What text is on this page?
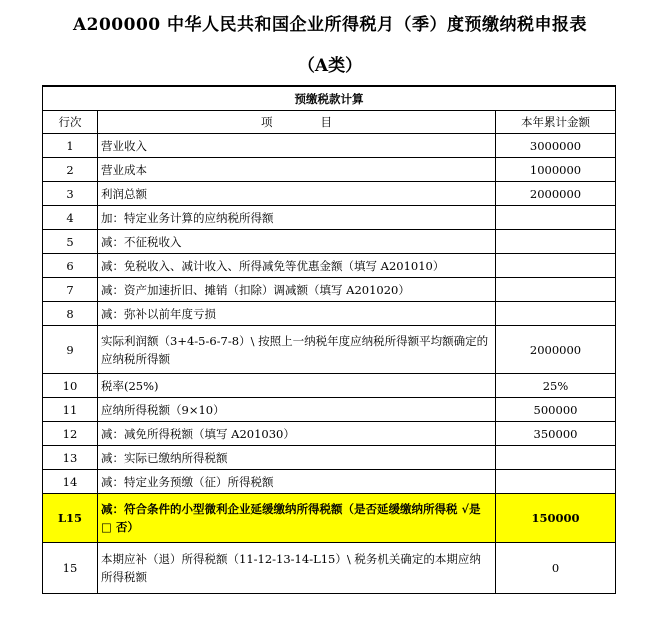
A200000 中华人民共和国企业所得税月（季）度预缴纳税申报表
（A类）
预缴税款计算		
行次	项 目	本年累计金额
1	营业收入	3000000
2	营业成本	1000000
3	利润总额	2000000
4	加：特定业务计算的应纳税所得额	
5	减：不征税收入	
6	减：免税收入、减计收入、所得减免等优惠金额（填写 A201010）	
7	减：资产加速折旧、摊销（扣除）调减额（填写 A201020）	
8	减：弥补以前年度亏损	
9	实际利润额（3+4-5-6-7-8）\ 按照上一纳税年度应纳税所得额平均额确定的应纳税所得额	2000000
10	税率(25%)	25%
11	应纳所得税额（9×10）	500000
12	减：减免所得税额（填写 A201030）	350000
13	减：实际已缴纳所得税额	
14	减：特定业务预缴（征）所得税额	
L15	减：符合条件的小型微利企业延缓缴纳所得税额（是否延缓缴纳所得税 √是 □ 否）	150000
15	本期应补（退）所得税额（11-12-13-14-L15）\ 税务机关确定的本期应纳所得税额	0
